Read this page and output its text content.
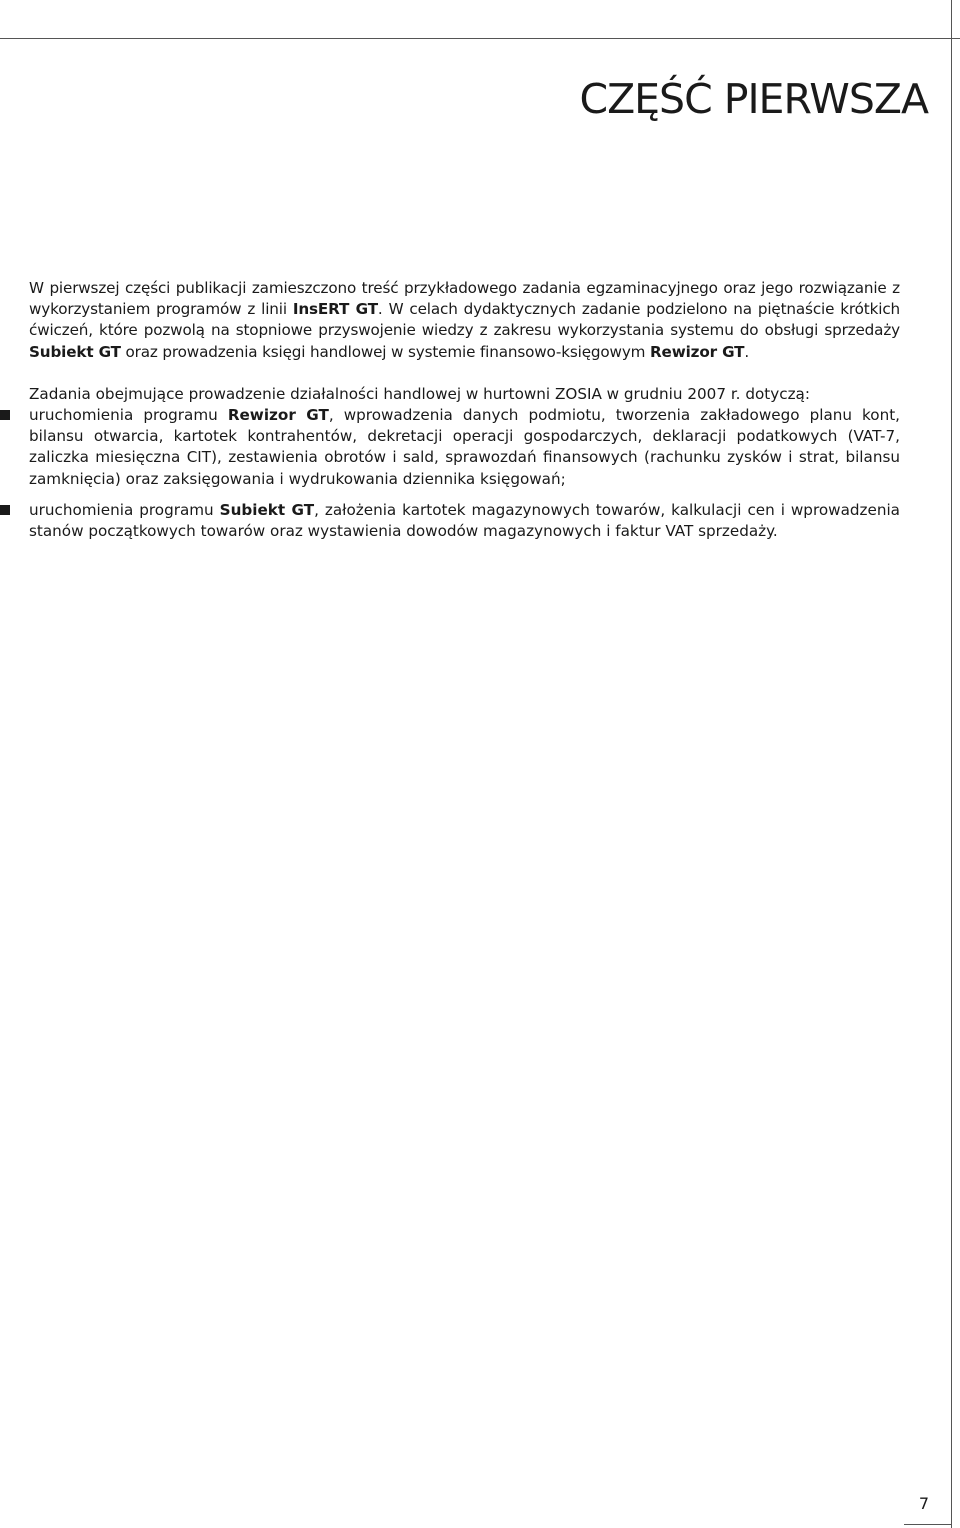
CZĘŚĆ PIERWSZA

W pierwszej części publikacji zamieszczono treść przykładowego zadania egzaminacyjnego oraz jego rozwiązanie z wykorzystaniem programów z linii InsERT GT. W celach dydaktycznych zadanie podzielono na piętnaście krótkich ćwiczeń, które pozwolą na stopniowe przyswojenie wiedzy z zakresu wykorzystania systemu do obsługi sprzedaży Subiekt GT oraz prowadzenia księgi handlowej w systemie finansowo-księgowym Rewizor GT.

Zadania obejmujące prowadzenie działalności handlowej w hurtowni ZOSIA w grudniu 2007 r. dotyczą:

uruchomienia programu Rewizor GT, wprowadzenia danych podmiotu, tworzenia zakładowego planu kont, bilansu otwarcia, kartotek kontrahentów, dekretacji operacji gospodarczych, deklaracji podatkowych (VAT-7, zaliczka miesięczna CIT), zestawienia obrotów i sald, sprawozdań finansowych (rachunku zysków i strat, bilansu zamknięcia) oraz zaksięgowania i wydrukowania dziennika księgowań;
uruchomienia programu Subiekt GT, założenia kartotek magazynowych towarów, kalkulacji cen i wprowadzenia stanów początkowych towarów oraz wystawienia dowodów magazynowych i faktur VAT sprzedaży.
7
